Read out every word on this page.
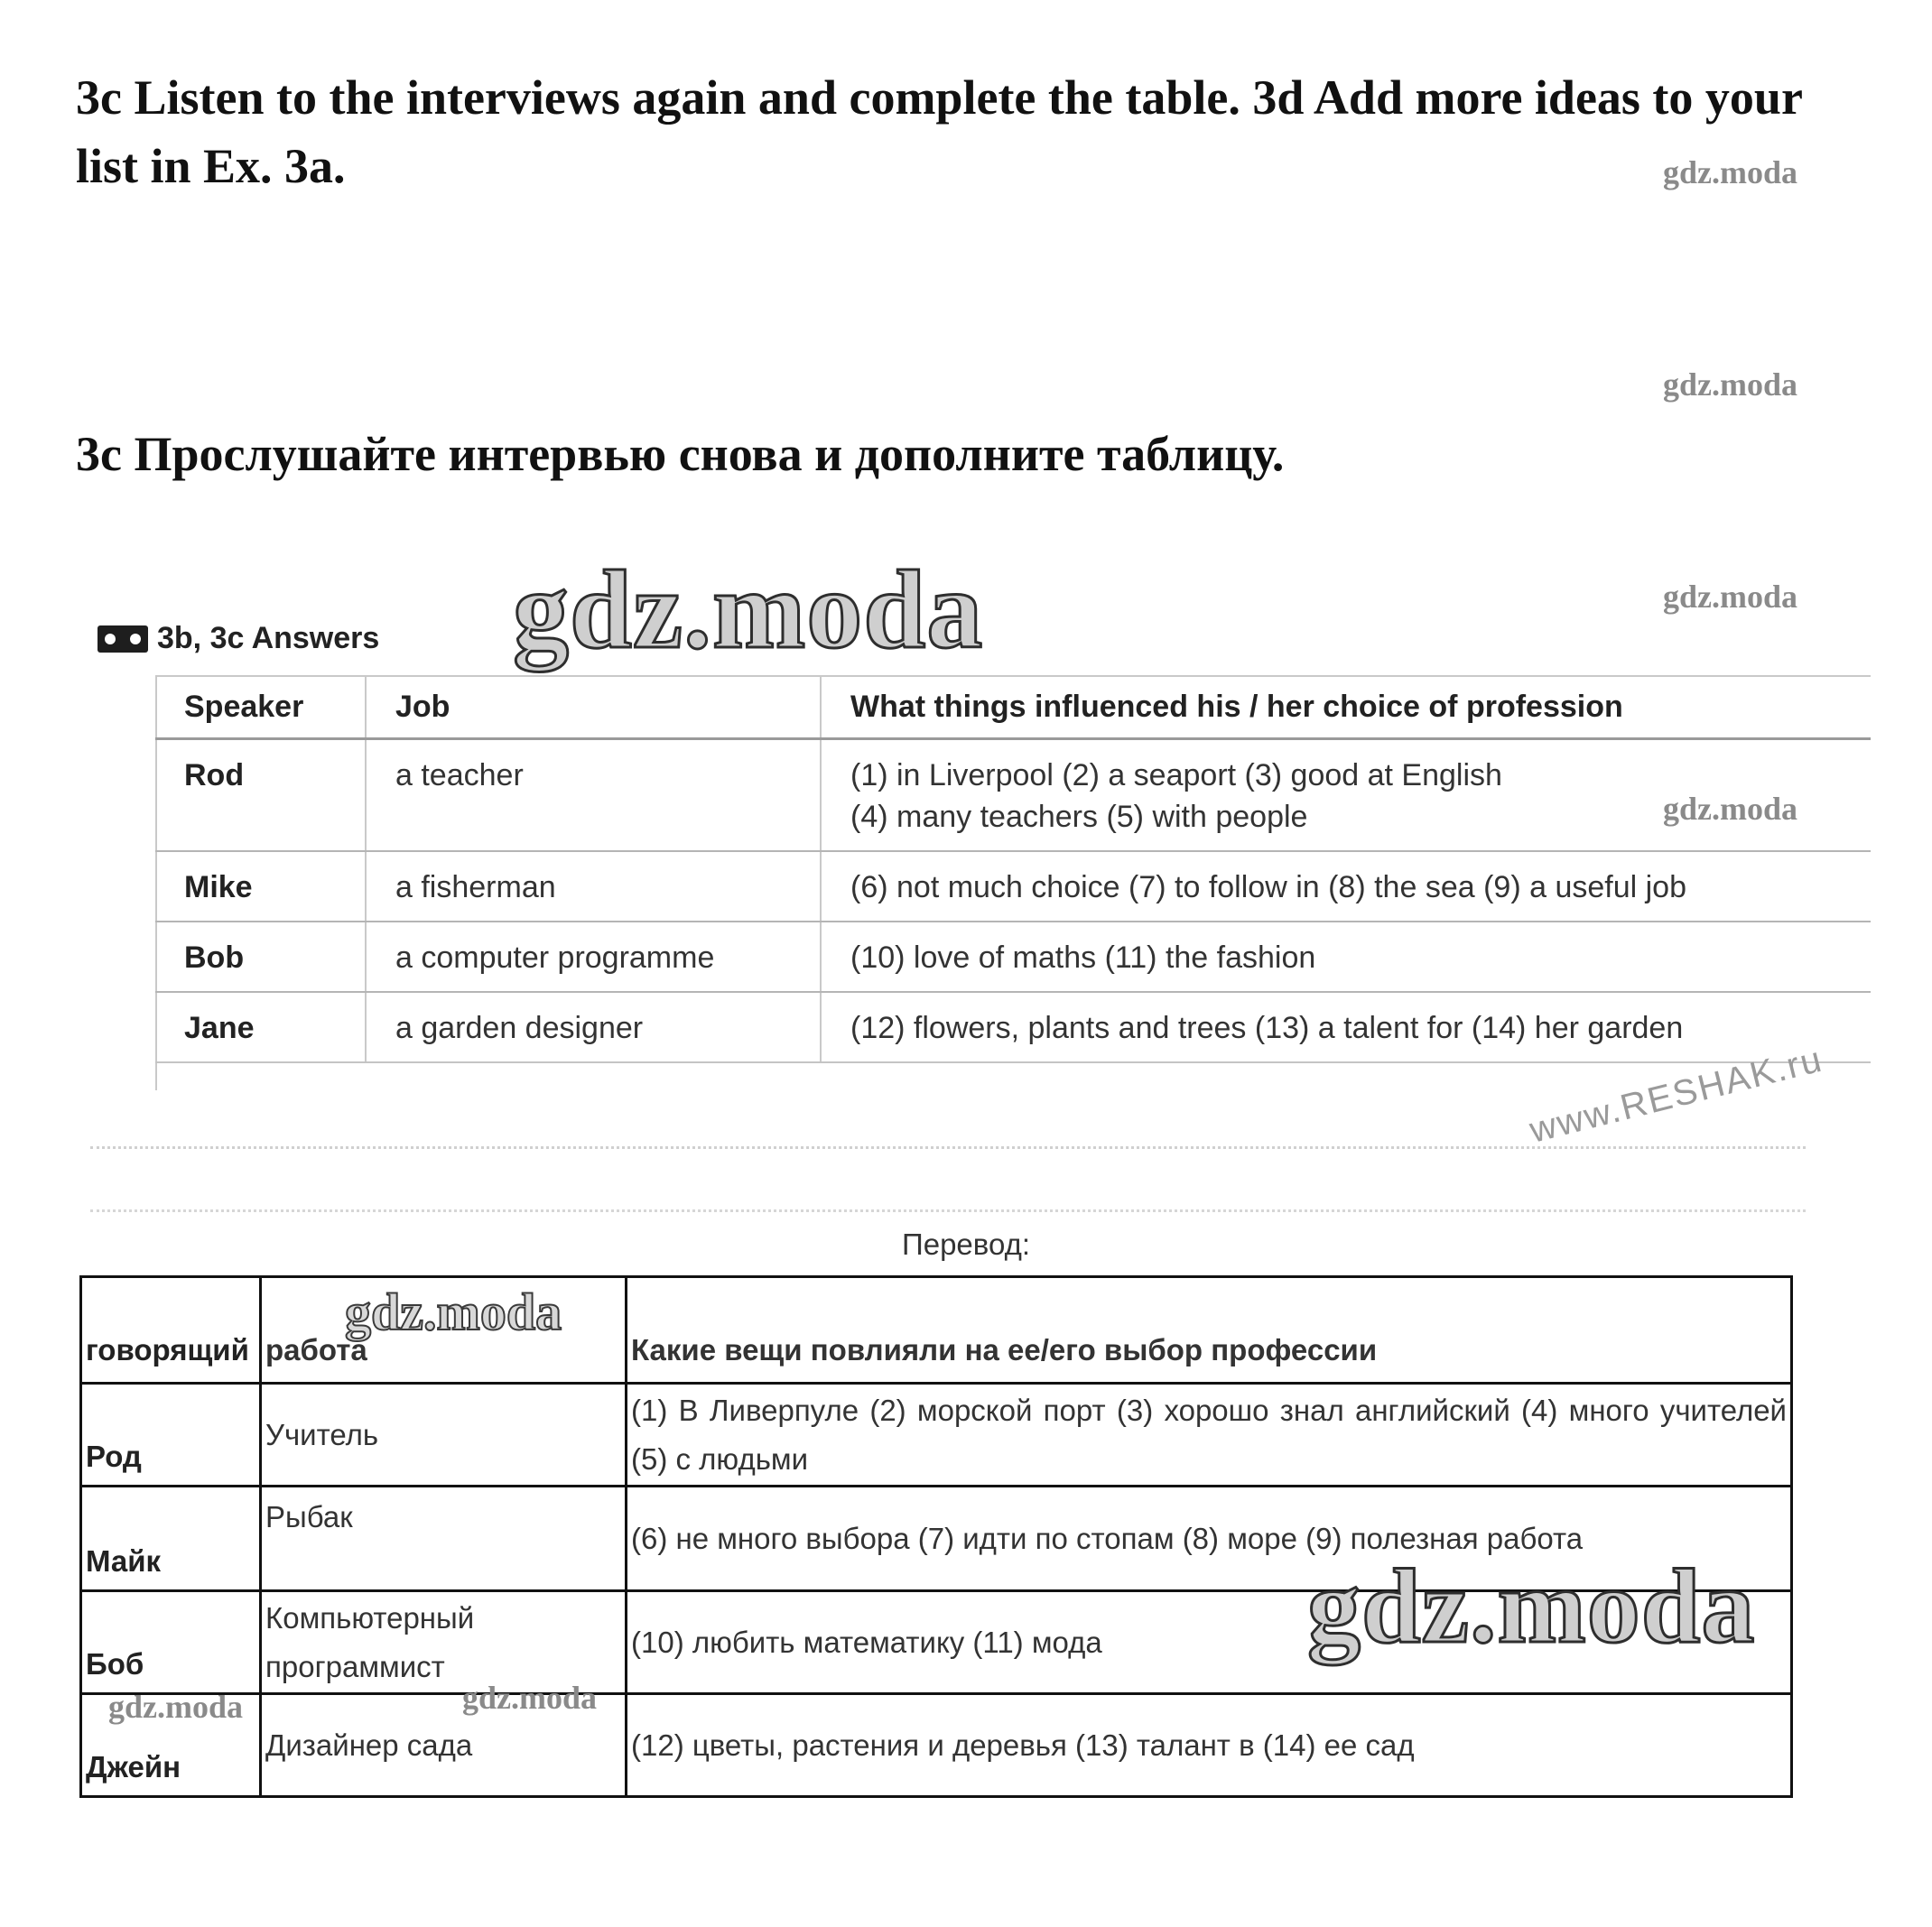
3c Listen to the interviews again and complete the table. 3d Add more ideas to your list in Ex. 3a.
3c Прослушайте интервью снова и дополните таблицу.
gdz.moda
gdz.moda
gdz.moda
3b, 3c Answers
Speaker	Job	What things influenced his / her choice of profession
Rod	a teacher	(1) in Liverpool (2) a seaport (3) good at English
(4) many teachers (5) with people
Mike	a fisherman	(6) not much choice (7) to follow in (8) the sea (9) a useful job
Bob	a computer programme	(10) love of maths (11) the fashion
Jane	a garden designer	(12) flowers, plants and trees (13) a talent for (14) her garden
www.RESHAK.ru
gdz.moda
gdz.moda
Перевод:
говорящий	работа	Какие вещи повлияли на ее/его выбор профессии
Род	Учитель	(1) В Ливерпуле (2) морской порт (3) хорошо знал английский (4) много учителей (5) с людьми
Майк	Рыбак	(6) не много выбора (7) идти по стопам (8) море (9) полезная работа
Боб	Компьютерный программист	(10) любить математику (11) мода
Джейн	Дизайнер сада	(12) цветы, растения и деревья (13) талант в (14) ее сад
gdz.moda
gdz.moda
gdz.moda	gdz.moda
